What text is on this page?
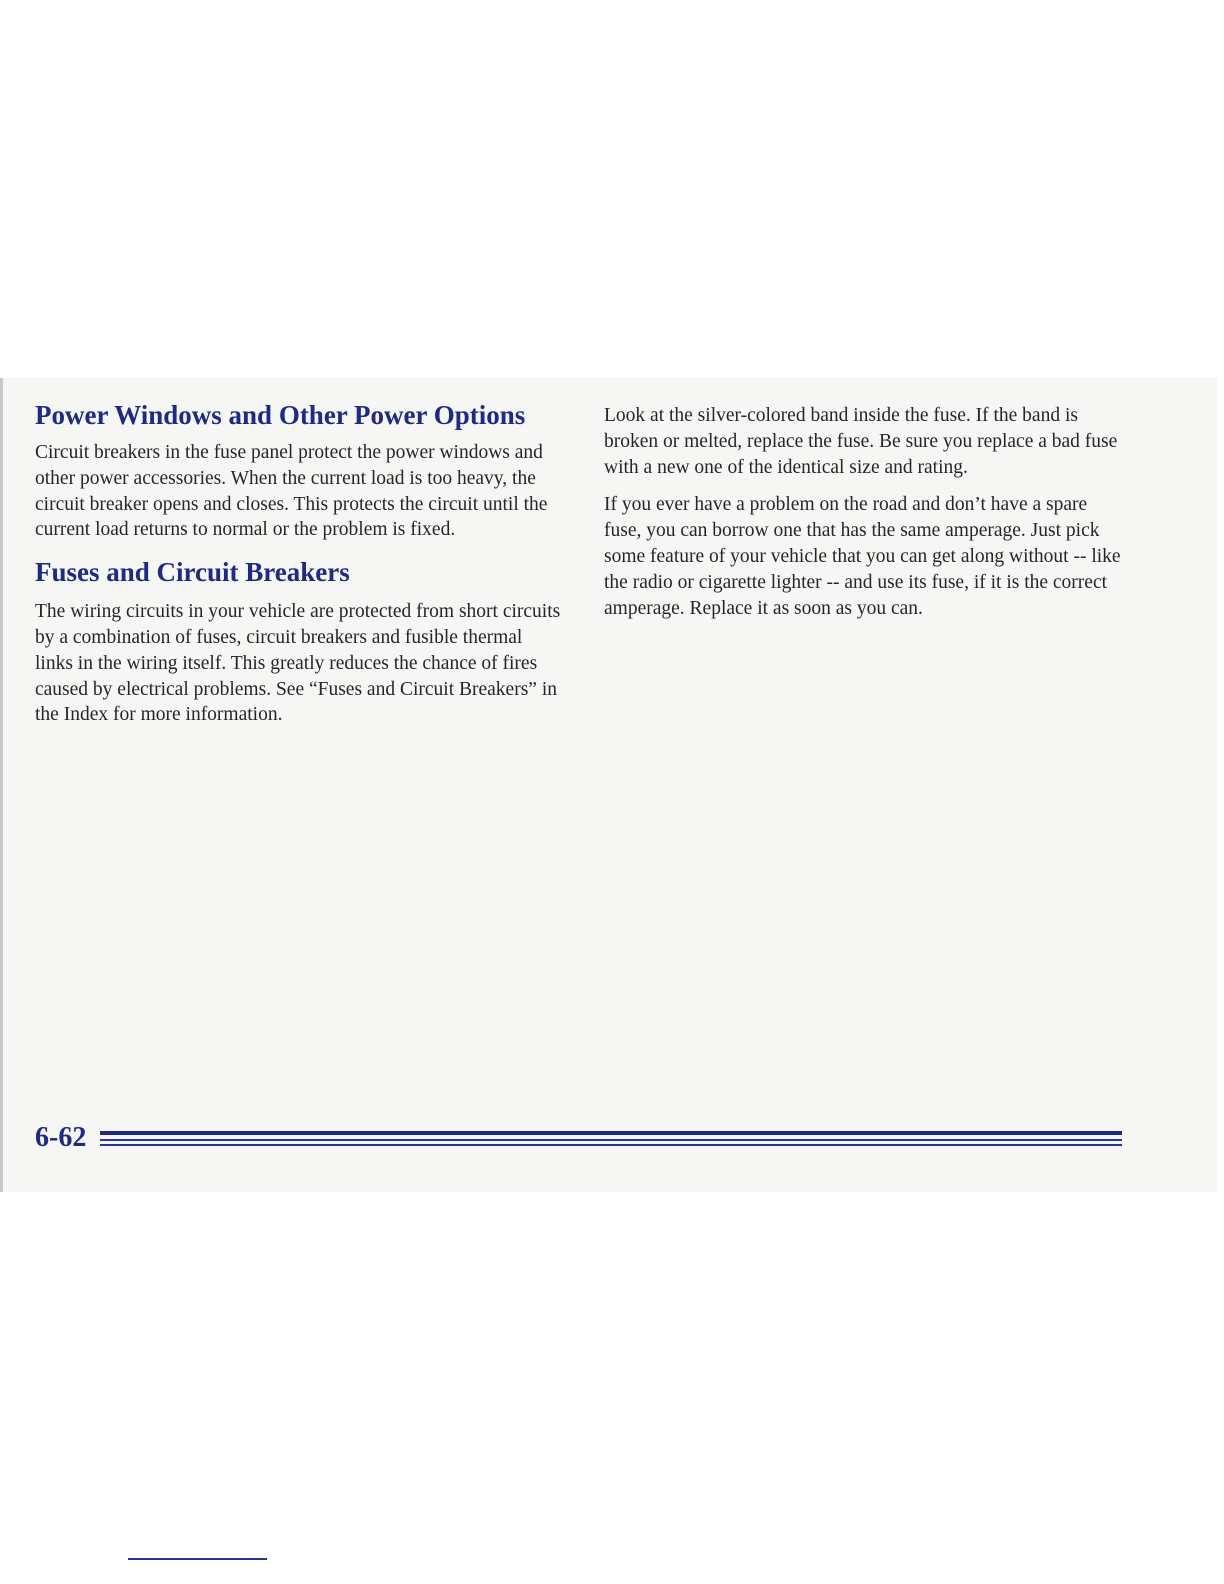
Power Windows and Other Power Options

Circuit breakers in the fuse panel protect the power windows and other power accessories. When the current load is too heavy, the circuit breaker opens and closes. This protects the circuit until the current load returns to normal or the problem is fixed.

Fuses and Circuit Breakers

The wiring circuits in your vehicle are protected from short circuits by a combination of fuses, circuit breakers and fusible thermal links in the wiring itself. This greatly reduces the chance of fires caused by electrical problems. See “Fuses and Circuit Breakers” in the Index for more information.

Look at the silver-colored band inside the fuse. If the band is broken or melted, replace the fuse. Be sure you replace a bad fuse with a new one of the identical size and rating.

If you ever have a problem on the road and don’t have a spare fuse, you can borrow one that has the same amperage. Just pick some feature of your vehicle that you can get along without -- like the radio or cigarette lighter -- and use its fuse, if it is the correct amperage. Replace it as soon as you can.

6-62
